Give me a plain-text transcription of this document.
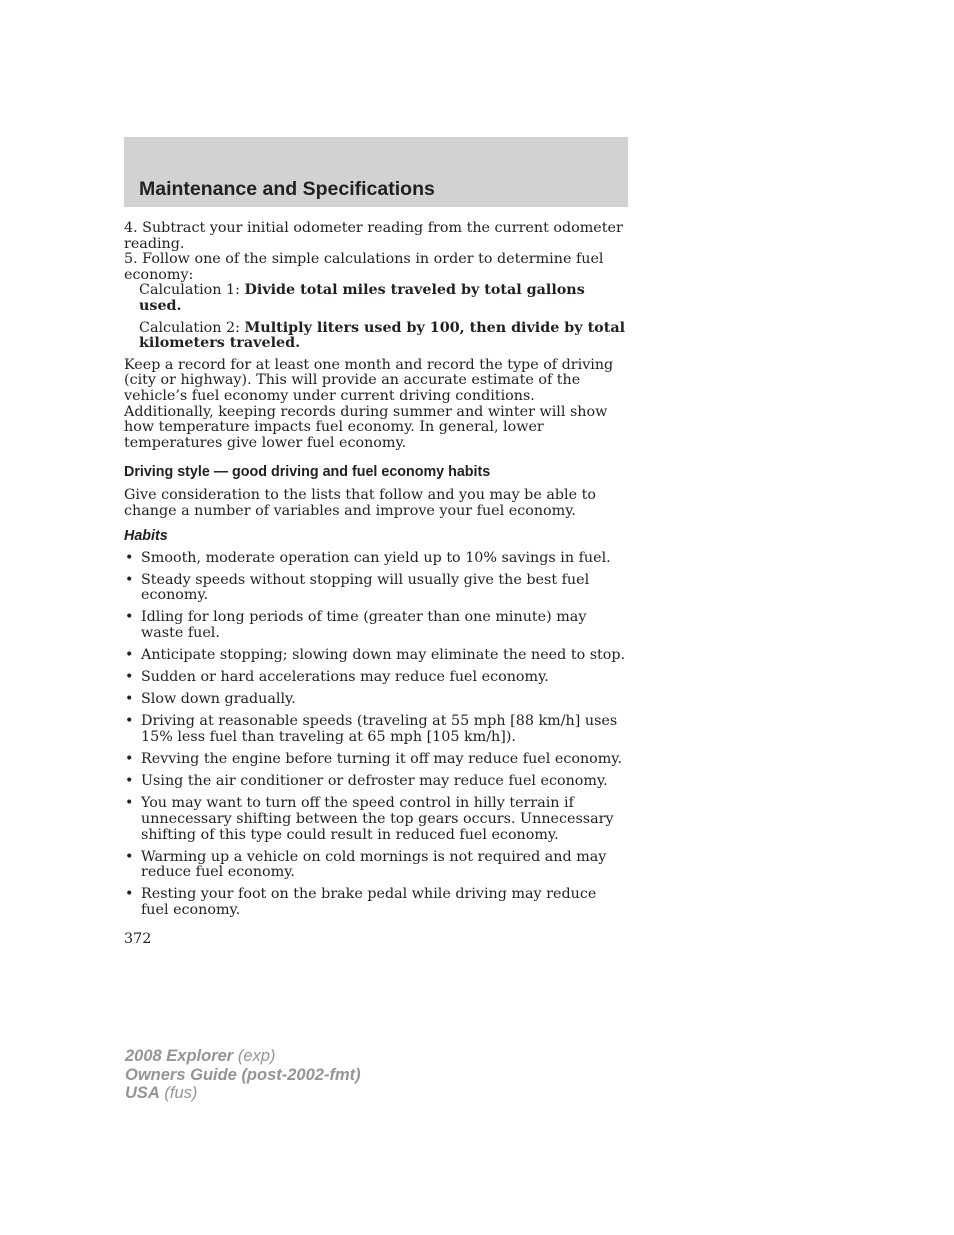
Maintenance and Specifications

4. Subtract your initial odometer reading from the current odometer reading.

5. Follow one of the simple calculations in order to determine fuel economy:

Calculation 1: Divide total miles traveled by total gallons used.

Calculation 2: Multiply liters used by 100, then divide by total kilometers traveled.

Keep a record for at least one month and record the type of driving (city or highway). This will provide an accurate estimate of the vehicle’s fuel economy under current driving conditions. Additionally, keeping records during summer and winter will show how temperature impacts fuel economy. In general, lower temperatures give lower fuel economy.

Driving style — good driving and fuel economy habits

Give consideration to the lists that follow and you may be able to change a number of variables and improve your fuel economy.

Habits

• Smooth, moderate operation can yield up to 10% savings in fuel.
• Steady speeds without stopping will usually give the best fuel economy.
• Idling for long periods of time (greater than one minute) may waste fuel.
• Anticipate stopping; slowing down may eliminate the need to stop.
• Sudden or hard accelerations may reduce fuel economy.
• Slow down gradually.
• Driving at reasonable speeds (traveling at 55 mph [88 km/h] uses 15% less fuel than traveling at 65 mph [105 km/h]).
• Revving the engine before turning it off may reduce fuel economy.
• Using the air conditioner or defroster may reduce fuel economy.
• You may want to turn off the speed control in hilly terrain if unnecessary shifting between the top gears occurs. Unnecessary shifting of this type could result in reduced fuel economy.
• Warming up a vehicle on cold mornings is not required and may reduce fuel economy.
• Resting your foot on the brake pedal while driving may reduce fuel economy.

372

2008 Explorer (exp)
Owners Guide (post-2002-fmt)
USA (fus)
